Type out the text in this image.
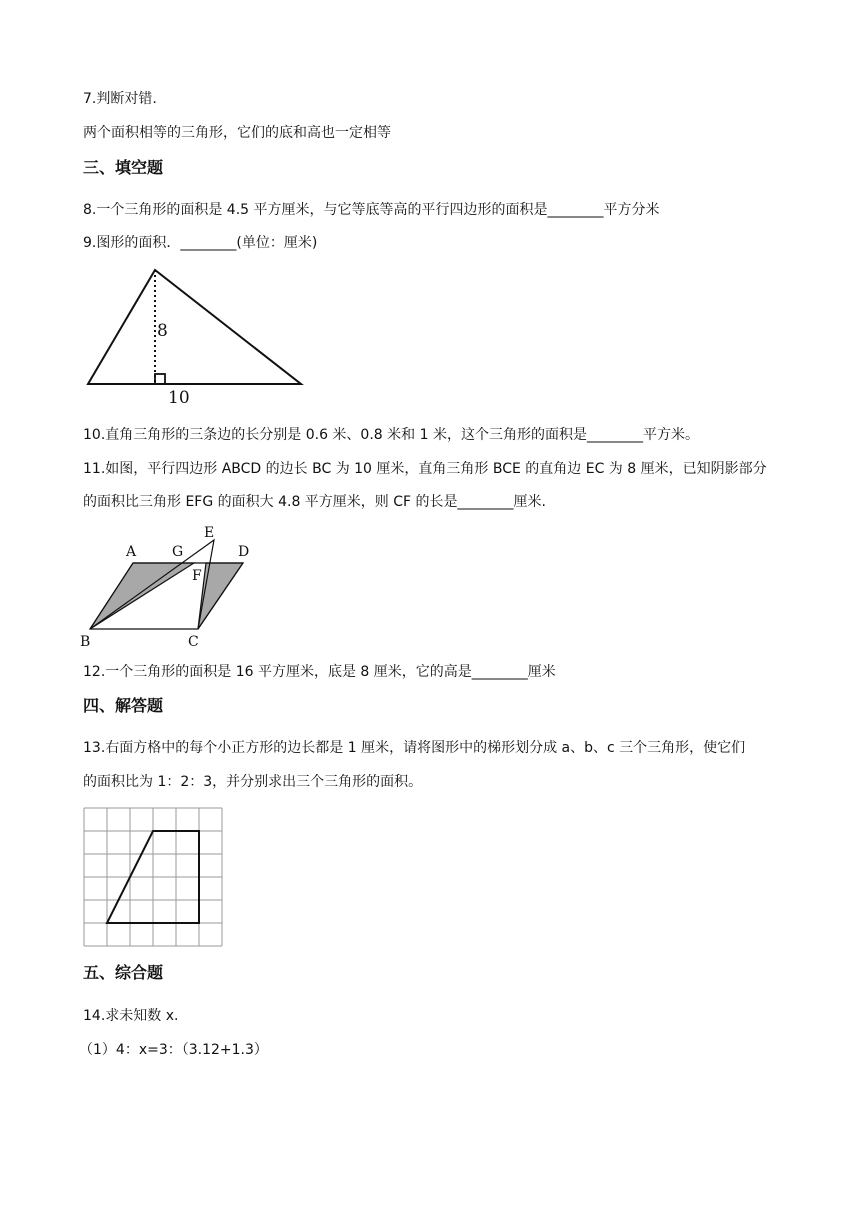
7.判断对错.
两个面积相等的三角形，它们的底和高也一定相等
三、填空题
8.一个三角形的面积是 4.5 平方厘米，与它等底等高的平行四边形的面积是________平方分米
9.图形的面积．________(单位：厘米)
8
10
10.直角三角形的三条边的长分别是 0.6 米、0.8 米和 1 米，这个三角形的面积是________平方米。
11.如图，平行四边形 ABCD 的边长 BC 为 10 厘米，直角三角形 BCE 的直角边 EC 为 8 厘米，已知阴影部分
的面积比三角形 EFG 的面积大 4.8 平方厘米，则 CF 的长是________厘米.
A	G
E
D
F
B	C
12.一个三角形的面积是 16 平方厘米，底是 8 厘米，它的高是________厘米
四、解答题
13.右面方格中的每个小正方形的边长都是 1 厘米，请将图形中的梯形划分成 a、b、c 三个三角形，使它们
的面积比为 1：2：3，并分别求出三个三角形的面积。
五、综合题
14.求未知数 x.
（1）4：x=3：（3.12+1.3）
